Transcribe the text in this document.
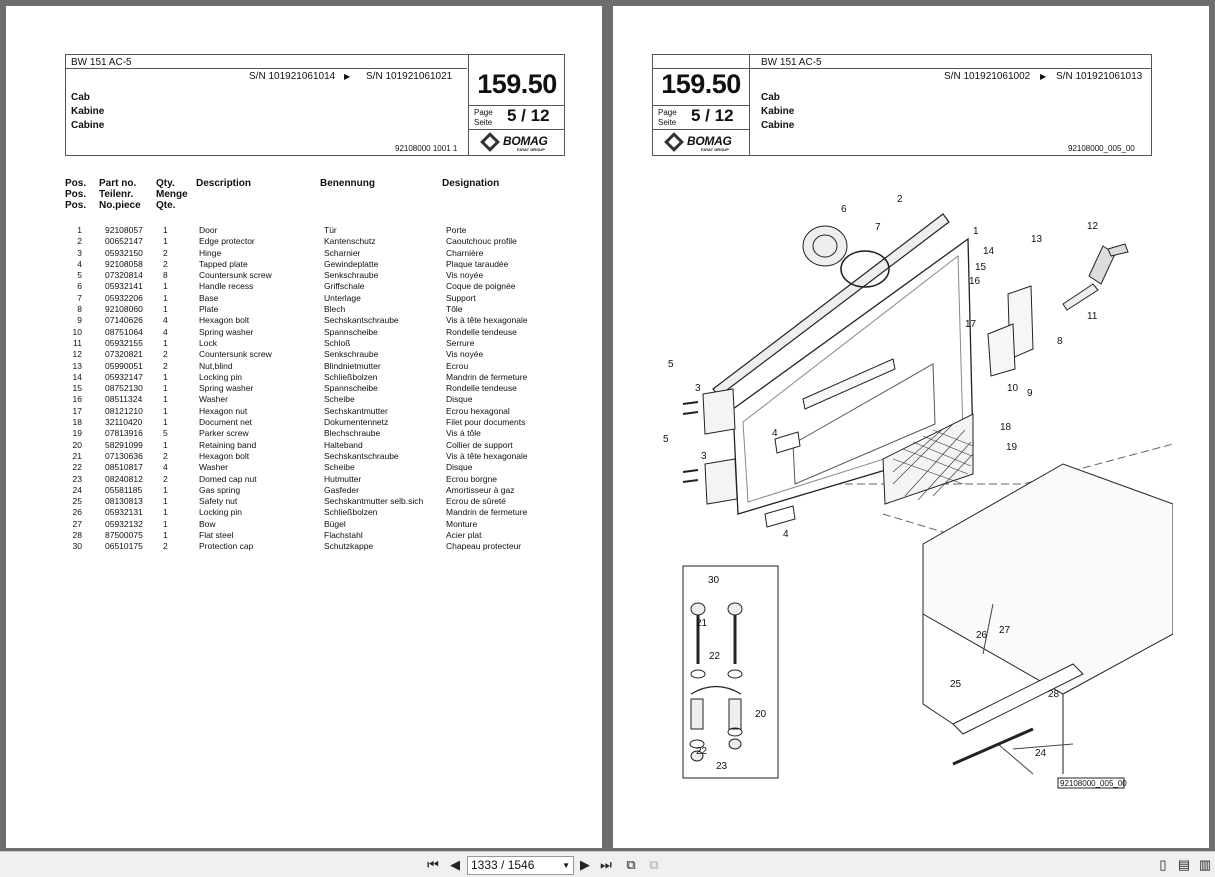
BW 151 AC-5
S/N 101921061014 ▶ S/N 101921061021
Cab
Kabine
Cabine
92108000 1001 1
159.50
Page
Seite 5 / 12
BOMAG
FAYAT GROUP
Pos.
Pos.
Pos.
Part no.
Teilenr.
No.piece
Qty.
Menge
Qte.
Description	Benennung	Designation
1	92108057 1	Door	Tür	Porte
2	00652147 1	Edge protector	Kantenschutz	Caoutchouc profile
3	05932150 2	Hinge	Scharnier	Charnière
4	92108058 2	Tapped plate	Gewindeplatte	Plaque taraudée
5	07320814 8	Countersunk screw	Senkschraube	Vis noyée
6	05932141 1	Handle recess	Griffschale	Coque de poignée
7	05932206 1	Base	Unterlage	Support
8	92108060 1	Plate	Blech	Tôle
9	07140626 4	Hexagon bolt	Sechskantschraube	Vis à tête hexagonale
10	08751064 4	Spring washer	Spannscheibe	Rondelle tendeuse
11	05932155 1	Lock	Schloß	Serrure
12	07320821 2	Countersunk screw	Senkschraube	Vis noyée
13	05990051 2	Nut,blind	Blindnietmutter	Ecrou
14	05932147 1	Locking pin	Schließbolzen	Mandrin de fermeture
15	08752130 1	Spring washer	Spannscheibe	Rondelle tendeuse
16	08511324 1	Washer	Scheibe	Disque
17	08121210 1	Hexagon nut	Sechskantmutter	Ecrou hexagonal
18	32110420 1	Document net	Dokumentennetz	Filet pour documents
19	07813916 5	Parker screw	Blechschraube	Vis à tôle
20	58291099 1	Retaining band	Halteband	Collier de support
21	07130636 2	Hexagon bolt	Sechskantschraube	Vis à tête hexagonale
22	08510817 4	Washer	Scheibe	Disque
23	08240812 2	Domed cap nut	Hutmutter	Ecrou borgne
24	05581185 1	Gas spring	Gasfeder	Amortisseur à gaz
25	08130813 1	Safety nut	Sechskantmutter selb.sich	Ecrou de sûreté
26	05932131 1	Locking pin	Schließbolzen	Mandrin de fermeture
27	05932132 1	Bow	Bügel	Monture
28	87500075 1	Flat steel	Flachstahl	Acier plat
30	06510175 2	Protection cap	Schutzkappe	Chapeau protecteur
BW 151 AC-5
S/N 101921061002 ▶ S/N 101921061013
159.50
Page
Seite 5 / 12
BOMAG
FAYAT GROUP
Cab
Kabine
Cabine
92108000_005_00
2
1
6
7	12
13
14
15
16
17
8
11
10 9
18
19
5
3
4
5
3
4
30
21
22
20
22
23
26 27
25
24
28
92108000_005_00
⏮ ◀ 1333 / 1546	▼ ▶ ⏭	⧉	⧉	▯ ▤ ▥
